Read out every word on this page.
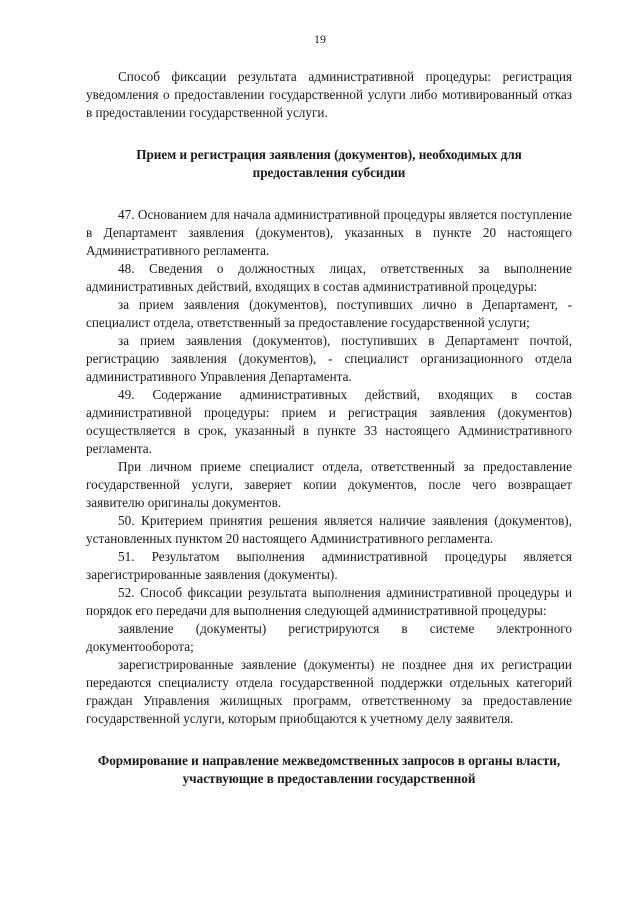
19

Способ фиксации результата административной процедуры: регистрация уведомления о предоставлении государственной услуги либо мотивированный отказ в предоставлении государственной услуги.

Прием и регистрация заявления (документов), необходимых для предоставления субсидии

47. Основанием для начала административной процедуры является поступление в Департамент заявления (документов), указанных в пункте 20 настоящего Административного регламента.

48. Сведения о должностных лицах, ответственных за выполнение административных действий, входящих в состав административной процедуры:

за прием заявления (документов), поступивших лично в Департамент, - специалист отдела, ответственный за предоставление государственной услуги;

за прием заявления (документов), поступивших в Департамент почтой, регистрацию заявления (документов), - специалист организационного отдела административного Управления Департамента.

49. Содержание административных действий, входящих в состав административной процедуры: прием и регистрация заявления (документов) осуществляется в срок, указанный в пункте 33 настоящего Административного регламента.

При личном приеме специалист отдела, ответственный за предоставление государственной услуги, заверяет копии документов, после чего возвращает заявителю оригиналы документов.

50. Критерием принятия решения является наличие заявления (документов), установленных пунктом 20 настоящего Административного регламента.

51. Результатом выполнения административной процедуры является зарегистрированные заявления (документы).

52. Способ фиксации результата выполнения административной процедуры и порядок его передачи для выполнения следующей административной процедуры:

заявление (документы) регистрируются в системе электронного документооборота;

зарегистрированные заявление (документы) не позднее дня их регистрации передаются специалисту отдела государственной поддержки отдельных категорий граждан Управления жилищных программ, ответственному за предоставление государственной услуги, которым приобщаются к учетному делу заявителя.

Формирование и направление межведомственных запросов в органы власти, участвующие в предоставлении государственной
